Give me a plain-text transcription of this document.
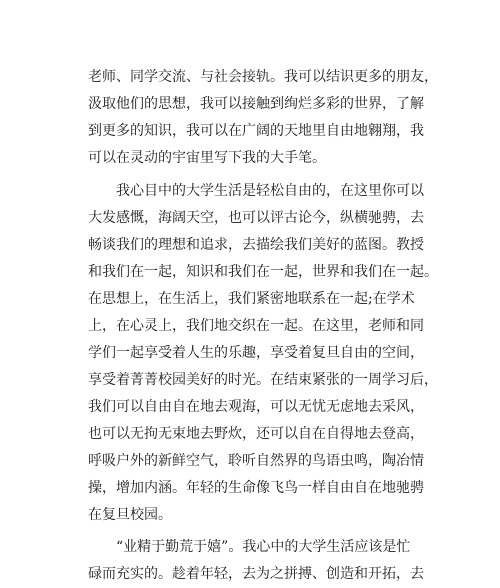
老师、同学交流、与社会接轨。我可以结识更多的朋友，
汲取他们的思想，我可以接触到绚烂多彩的世界，了解
到更多的知识，我可以在广阔的天地里自由地翱翔，我
可以在灵动的宇宙里写下我的大手笔。
　　我心目中的大学生活是轻松自由的，在这里你可以
大发感慨，海阔天空，也可以评古论今，纵横驰骋，去
畅谈我们的理想和追求，去描绘我们美好的蓝图。教授
和我们在一起，知识和我们在一起，世界和我们在一起。
在思想上，在生活上，我们紧密地联系在一起;在学术
上，在心灵上，我们地交织在一起。在这里，老师和同
学们一起享受着人生的乐趣，享受着复旦自由的空间，
享受着菁菁校园美好的时光。在结束紧张的一周学习后，
我们可以自由自在地去观海，可以无忧无虑地去采风，
也可以无拘无束地去野炊，还可以自在自得地去登高，
呼吸户外的新鲜空气，聆听自然界的鸟语虫鸣，陶冶情
操，增加内涵。年轻的生命像飞鸟一样自由自在地驰骋
在复旦校园。
　　“业精于勤荒于嬉”。我心中的大学生活应该是忙
碌而充实的。趁着年轻，去为之拼搏、创造和开拓，去
